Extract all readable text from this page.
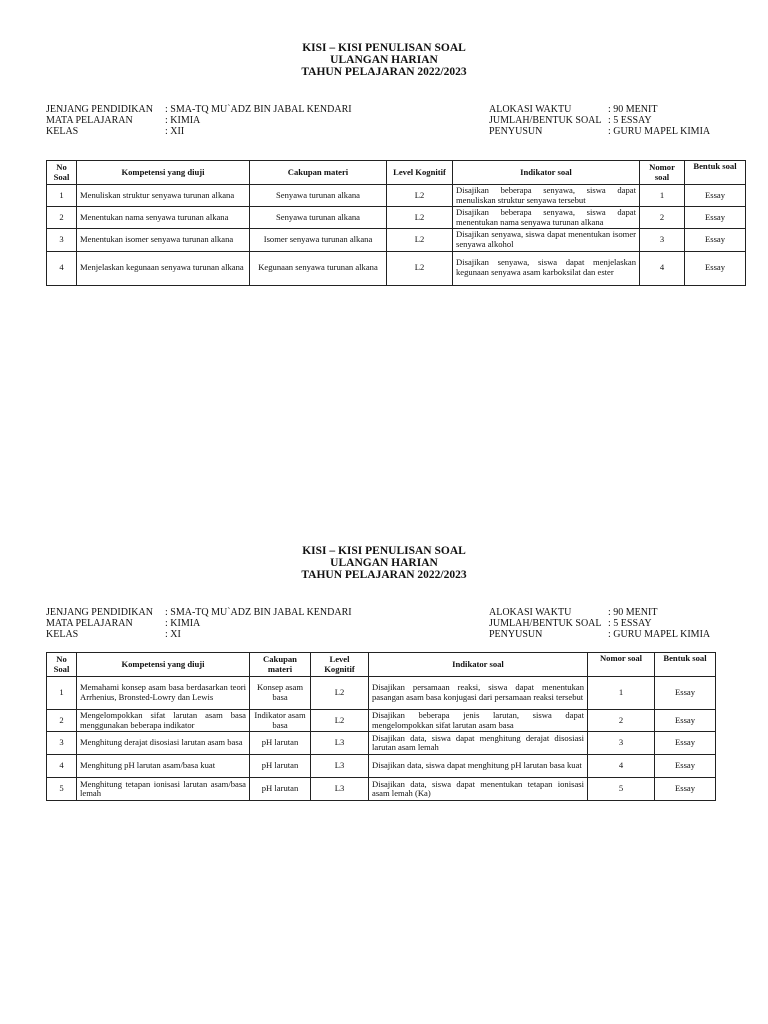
KISI – KISI PENULISAN SOAL
ULANGAN HARIAN
TAHUN PELAJARAN 2022/2023
JENJANG PENDIDIKAN	: SMA-TQ MU`ADZ BIN JABAL KENDARI
MATA PELAJARAN	: KIMIA
KELAS	: XII
ALOKASI WAKTU	: 90 MENIT
JUMLAH/BENTUK SOAL : 5 ESSAY
PENYUSUN	: GURU MAPEL KIMIA
No Soal	Kompetensi yang diuji	Cakupan materi	Level Kognitif	Indikator soal	Nomor soal	Bentuk soal
1	Menuliskan struktur senyawa turunan alkana	Senyawa turunan alkana	L2	Disajikan beberapa senyawa, siswa dapat menuliskan struktur senyawa tersebut	1	Essay
2	Menentukan nama senyawa turunan alkana	Senyawa turunan alkana	L2	Disajikan beberapa senyawa, siswa dapat menentukan nama senyawa turunan alkana	2	Essay
3	Menentukan isomer senyawa turunan alkana	Isomer senyawa turunan alkana	L2	Disajikan senyawa, siswa dapat menentukan isomer senyawa alkohol	3	Essay
4	Menjelaskan kegunaan senyawa turunan alkana	Kegunaan senyawa turunan alkana	L2	Disajikan senyawa, siswa dapat menjelaskan kegunaan senyawa asam karboksilat dan ester	4	Essay
KISI – KISI PENULISAN SOAL
ULANGAN HARIAN
TAHUN PELAJARAN 2022/2023
JENJANG PENDIDIKAN	: SMA-TQ MU`ADZ BIN JABAL KENDARI
MATA PELAJARAN	: KIMIA
KELAS	: XI
ALOKASI WAKTU	: 90 MENIT
JUMLAH/BENTUK SOAL : 5 ESSAY
PENYUSUN	: GURU MAPEL KIMIA
No Soal	Kompetensi yang diuji	Cakupan materi	Level Kognitif	Indikator soal	Nomor soal	Bentuk soal
1	Memahami konsep asam basa berdasarkan teori Arrhenius, Bronsted-Lowry dan Lewis	Konsep asam basa	L2	Disajikan persamaan reaksi, siswa dapat menentukan pasangan asam basa konjugasi dari persamaan reaksi tersebut	1	Essay
2	Mengelompokkan sifat larutan asam basa menggunakan beberapa indikator	Indikator asam basa	L2	Disajikan beberapa jenis larutan, siswa dapat mengelompokkan sifat larutan asam basa	2	Essay
3	Menghitung derajat disosiasi larutan asam basa	pH larutan	L3	Disajikan data, siswa dapat menghitung derajat disosiasi larutan asam lemah	3	Essay
4	Menghitung pH larutan asam/basa kuat	pH larutan	L3	Disajikan data, siswa dapat menghitung pH larutan basa kuat	4	Essay
5	Menghitung tetapan ionisasi larutan asam/basa lemah	pH larutan	L3	Disajikan data, siswa dapat menentukan tetapan ionisasi asam lemah (Ka)	5	Essay
